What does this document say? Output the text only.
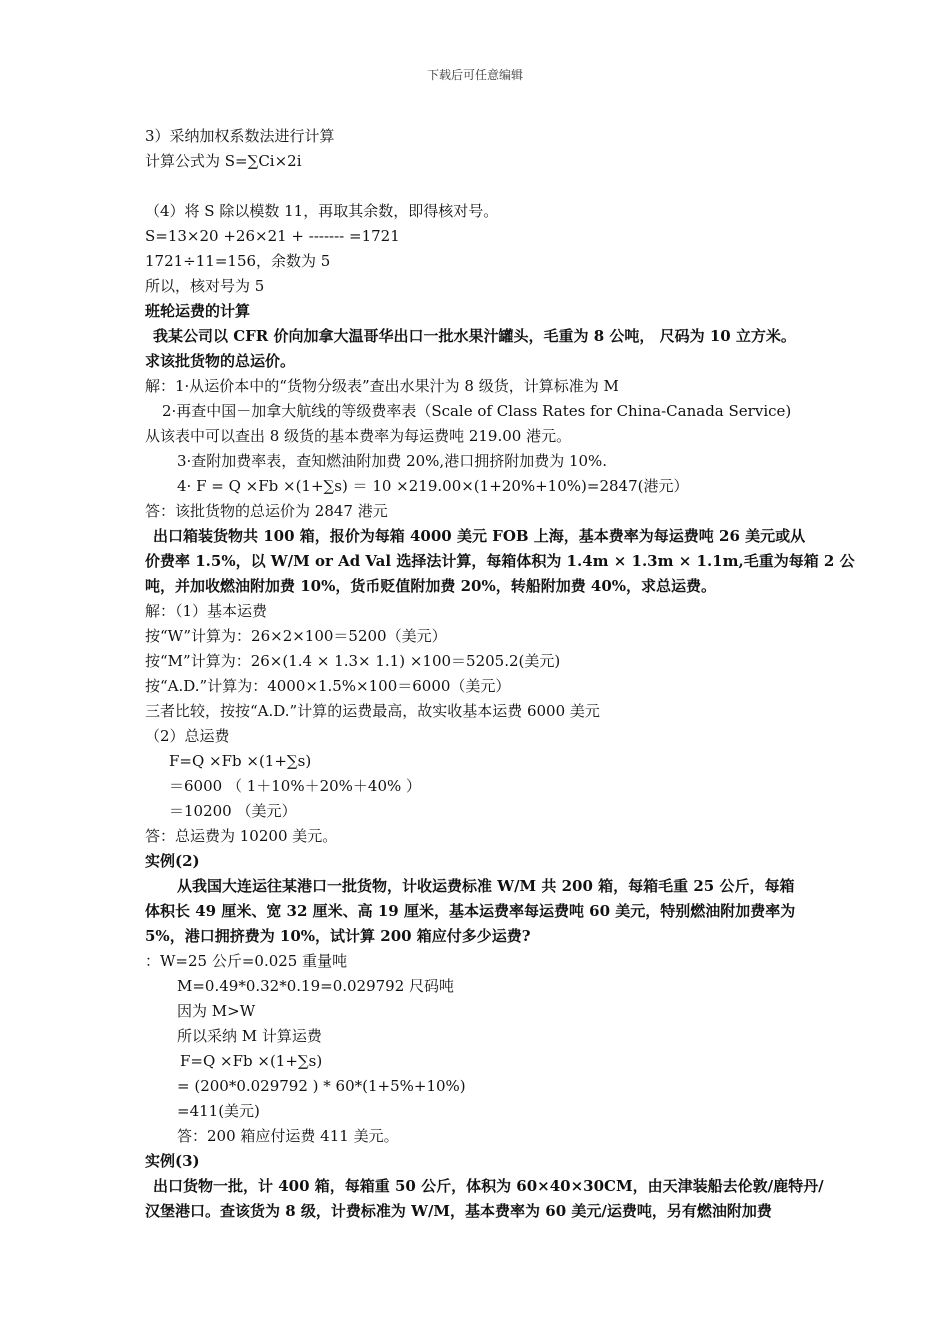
下载后可任意编辑
3）采纳加权系数法进行计算
计算公式为 S=∑Ci×2i
（4）将 S 除以模数 11，再取其余数，即得核对号。
S=13×20 +26×21 + ------- =1721
1721÷11=156，余数为 5
所以，核对号为 5
班轮运费的计算
我某公司以 CFR 价向加拿大温哥华出口一批水果汁罐头，毛重为 8 公吨， 尺码为 10 立方米。
求该批货物的总运价。
解：1·从运价本中的“货物分级表”查出水果汁为 8 级货，计算标准为 M
2·再查中国－加拿大航线的等级费率表（Scale of Class Rates for China-Canada Service)
从该表中可以查出 8 级货的基本费率为每运费吨 219.00 港元。
3·查附加费率表，查知燃油附加费 20%,港口拥挤附加费为 10%.
4· F = Q ×Fb ×(1+∑s) ＝ 10 ×219.00×(1+20%+10%)=2847(港元）
答：该批货物的总运价为 2847 港元
出口箱装货物共 100 箱，报价为每箱 4000 美元 FOB 上海，基本费率为每运费吨 26 美元或从
价费率 1.5%，以 W/M or Ad Val 选择法计算，每箱体积为 1.4m × 1.3m × 1.1m,毛重为每箱 2 公
吨，并加收燃油附加费 10%，货币贬值附加费 20%，转船附加费 40%，求总运费。
解：（1）基本运费
按“W”计算为：26×2×100＝5200（美元）
按“M”计算为：26×(1.4 × 1.3× 1.1) ×100＝5205.2(美元)
按“A.D.”计算为：4000×1.5%×100＝6000（美元）
三者比较，按按“A.D.”计算的运费最高，故实收基本运费 6000 美元
（2）总运费
F=Q ×Fb ×(1+∑s)
＝6000 （ 1＋10%＋20%＋40% ）
＝10200 （美元）
答：总运费为 10200 美元。
实例(2)
从我国大连运往某港口一批货物，计收运费标准 W/M 共 200 箱，每箱毛重 25 公斤，每箱
体积长 49 厘米、宽 32 厘米、高 19 厘米，基本运费率每运费吨 60 美元，特别燃油附加费率为
5%，港口拥挤费为 10%，试计算 200 箱应付多少运费?
：W=25 公斤=0.025 重量吨
M=0.49*0.32*0.19=0.029792 尺码吨
因为 M>W
所以采纳 M 计算运费
F=Q ×Fb ×(1+∑s)
= (200*0.029792 ) * 60*(1+5%+10%)
=411(美元)
答：200 箱应付运费 411 美元。
实例(3)
出口货物一批，计 400 箱，每箱重 50 公斤，体积为 60×40×30CM，由天津装船去伦敦/鹿特丹/
汉堡港口。查该货为 8 级，计费标准为 W/M，基本费率为 60 美元/运费吨，另有燃油附加费
